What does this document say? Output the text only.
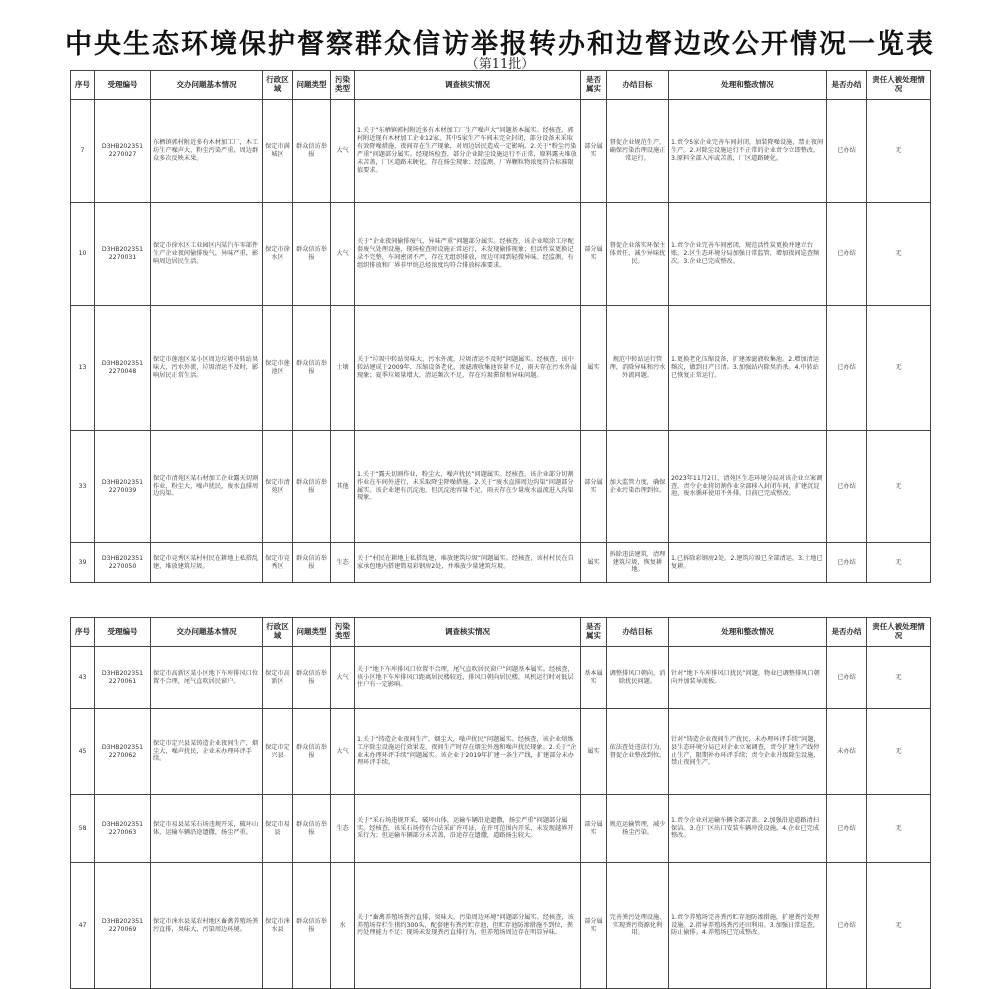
中央生态环境保护督察群众信访举报转办和边督边改公开情况一览表
（第11批）
序号	受理编号	交办问题基本情况	行政区域	问题类型	污染类型	调查核实情况	是否属实	办结目标	处理和整改情况	是否办结	责任人被处理情况
7	D3HB202351 2270027	东栖镇郭村附近多有木材加工厂，木工坊生产噪声大，粉尘污染严重，周边群众多次反映未果。	保定市满城区	群众信访举报	大气	1.关于“东栖镇郭村附近多有木材加工厂生产噪声大”问题基本属实。经核查，郭村附近现有木材加工企业12家，其中5家生产车间未完全封闭，部分设备未采取有效降噪措施，夜间存在生产现象，对周边居民造成一定影响。2.关于“粉尘污染严重”问题部分属实。经现场检查，部分企业除尘设施运行不正常，原料露天堆放未苫盖，厂区道路未硬化，存在扬尘现象；经监测，厂界颗粒物浓度符合标准限值要求。	部分属实	督促企业规范生产，确保污染治理设施正常运行。	1.责令5家企业完善车间封闭，加装降噪设施，禁止夜间生产。2.对除尘设施运行不正常的企业责令立即整改。3.原料全部入库或苫盖，厂区道路硬化。	已办结	无
10	D3HB202351 2270031	保定市徐水区工业园区内某汽车零部件生产企业夜间偷排废气，异味严重，影响周边居民生活。	保定市徐水区	群众信访举报	大气	关于“企业夜间偷排废气，异味严重”问题部分属实。经核查，该企业喷涂工序配套废气处理设施，现场检查时设施正常运行，未发现偷排现象；但活性炭更换记录不完整，车间密闭不严，存在无组织排放，周边可闻到轻微异味。经监测，有组织排放和厂界非甲烷总烃浓度均符合排放标准要求。	部分属实	督促企业落实环保主体责任，减少异味扰民。	1.责令企业完善车间密闭，规范活性炭更换并建立台账。2.区生态环境分局加强日常监管，增加夜间巡查频次。3.企业已完成整改。	已办结	无
13	D3HB202351 2270048	保定市莲池区某小区周边垃圾中转站臭味大，污水外流，垃圾清运不及时，影响居民正常生活。	保定市莲池区	群众信访举报	土壤	关于“垃圾中转站臭味大，污水外流，垃圾清运不及时”问题属实。经核查，该中转站建成于2009年，压缩设备老化，渗滤液收集池容量不足，雨天存在污水外溢现象；夏季垃圾量增大，清运频次不足，存在垃圾滞留和异味问题。	属实	规范中转站运行管理，消除异味和污水外流问题。	1.更换老化压缩设备，扩建渗滤液收集池。2.增加清运频次，做到日产日清。3.加强站内除臭消杀。4.中转站已恢复正常运行。	已办结	无
33	D3HB202351 2270039	保定市清苑区某石材加工企业露天切割作业，粉尘大，噪声扰民，废水直排周边沟渠。	保定市清苑区	群众信访举报	其他	1.关于“露天切割作业，粉尘大，噪声扰民”问题属实。经核查，该企业部分切割作业在车间外进行，未采取降尘降噪措施。2.关于“废水直排周边沟渠”问题部分属实。该企业建有沉淀池，但沉淀池容量不足，雨天存在少量废水溢流进入沟渠现象。	部分属实	加大监管力度，确保企业污染治理到位。	2023年11月2日，清苑区生态环境分局对该企业立案调查。责令企业将切割作业全部移入封闭车间，扩建沉淀池，废水循环使用不外排。目前已完成整改。	已办结	无
39	D3HB202351 2270050	保定市竞秀区某村村民在耕地上私搭乱建，堆放建筑垃圾。	保定市竞秀区	群众信访举报	生态	关于“村民在耕地上私搭乱建，堆放建筑垃圾”问题属实。经核查，该村村民在自家承包地内搭建简易彩钢房2处，并堆放少量建筑垃圾。	属实	拆除违法建筑，清理建筑垃圾，恢复耕地。	1.已拆除彩钢房2处。2.建筑垃圾已全部清运。3.土地已复耕。	已办结	无
序号	受理编号	交办问题基本情况	行政区域	问题类型	污染类型	调查核实情况	是否属实	办结目标	处理和整改情况	是否办结	责任人被处理情况
43	D3HB202351 2270061	保定市高新区某小区地下车库排风口位置不合理，尾气直吹居民窗户。	保定市高新区	群众信访举报	大气	关于“地下车库排风口位置不合理，尾气直吹居民窗户”问题基本属实。经核查，该小区地下车库排风口距离居民楼较近，排风口朝向居民楼，风机运行时对低层住户有一定影响。	基本属实	调整排风口朝向，消除扰民问题。	针对“地下车库排风口扰民”问题，物业已调整排风口朝向并加装导流板。	已办结	无
45	D3HB202351 2270062	保定市定兴县某铸造企业夜间生产，烟尘大，噪声扰民，企业未办理环评手续。	保定市定兴县	群众信访举报	大气	1.关于“铸造企业夜间生产，烟尘大，噪声扰民”问题属实。经核查，该企业熔炼工序除尘设施运行效果差，夜间生产时存在烟尘外逸和噪声扰民现象。2.关于“企业未办理环评手续”问题属实。该企业于2019年扩建一条生产线，扩建部分未办理环评手续。	属实	依法查处违法行为，督促企业整改到位。	针对“铸造企业夜间生产扰民，未办理环评手续”问题，县生态环境分局已对企业立案调查，责令扩建生产线停止生产，限期补办环评手续；责令企业升级除尘设施，禁止夜间生产。	未办结	无
58	D3HB202351 2270063	保定市易县某采石场违规开采，破坏山体，运输车辆沿途遗撒，扬尘严重。	保定市易县	群众信访举报	生态	关于“采石场违规开采，破坏山体，运输车辆沿途遗撒，扬尘严重”问题部分属实。经核查，该采石场持有合法采矿许可证，在许可范围内开采，未发现越界开采行为；但运输车辆部分未苫盖，沿途存在遗撒，道路扬尘较大。	部分属实	规范运输管理，减少扬尘污染。	1.责令企业对运输车辆全部苫盖。2.加强沿途道路清扫保洁。3.在厂区出口安装车辆冲洗设施。4.企业已完成整改。	已办结	无
47	D3HB202351 2270069	保定市涞水县某农村地区畜禽养殖场粪污直排，臭味大，污染周边环境。	保定市涞水县	群众信访举报	水	关于“畜禽养殖场粪污直排，臭味大，污染周边环境”问题部分属实。经核查，该养殖场存栏生猪约300头，配套建有粪污贮存池，但贮存池防渗措施不到位，粪污处理能力不足；现场未发现粪污直排行为，但养殖场周边存在明显异味。	部分属实	完善粪污处理设施，实现粪污资源化利用。	1.责令养殖场完善粪污贮存池防渗措施，扩建粪污处理设施。2.指导养殖场粪污还田利用。3.加强日常巡查，防止偷排。4.养殖场已完成整改。	已办结	无
